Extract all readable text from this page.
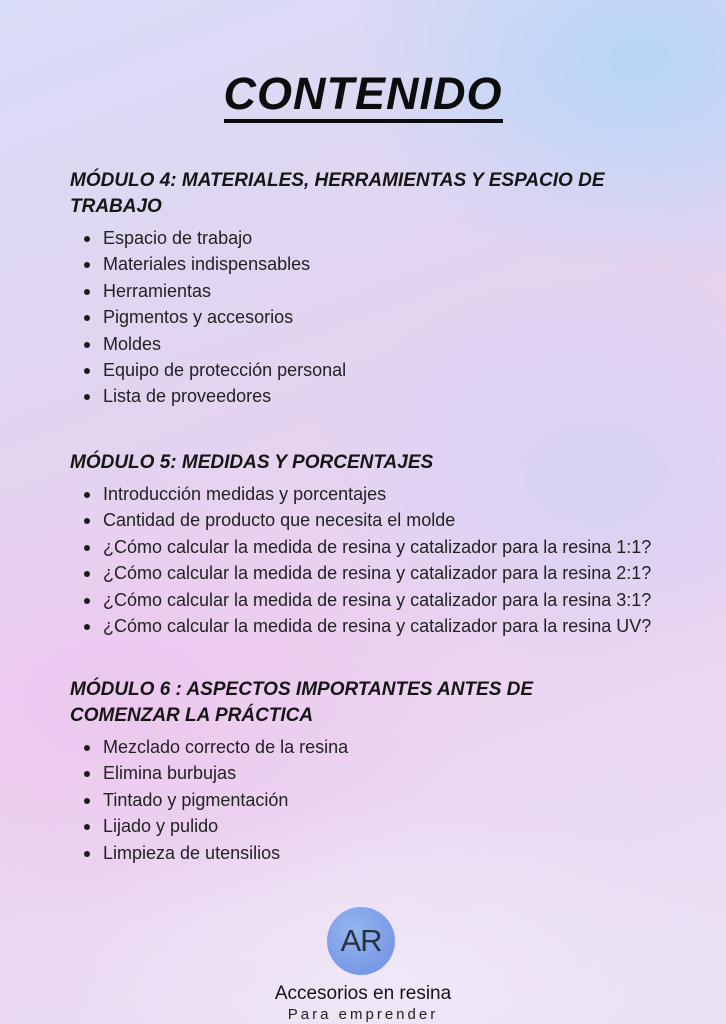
CONTENIDO
MÓDULO 4: MATERIALES, HERRAMIENTAS Y ESPACIO DE
TRABAJO
Espacio de trabajo
Materiales indispensables
Herramientas
Pigmentos y accesorios
Moldes
Equipo de protección personal
Lista de proveedores
MÓDULO 5: MEDIDAS Y PORCENTAJES
Introducción medidas y porcentajes
Cantidad de producto que necesita el molde
¿Cómo calcular la medida de resina y catalizador para la resina 1:1?
¿Cómo calcular la medida de resina y catalizador para la resina 2:1?
¿Cómo calcular la medida de resina y catalizador para la resina 3:1?
¿Cómo calcular la medida de resina y catalizador para la resina UV?
MÓDULO 6 : ASPECTOS IMPORTANTES ANTES DE
COMENZAR LA PRÁCTICA
Mezclado correcto de la resina
Elimina burbujas
Tintado y pigmentación
Lijado y pulido
Limpieza de utensilios
AR
Accesorios en resina
Para emprender
